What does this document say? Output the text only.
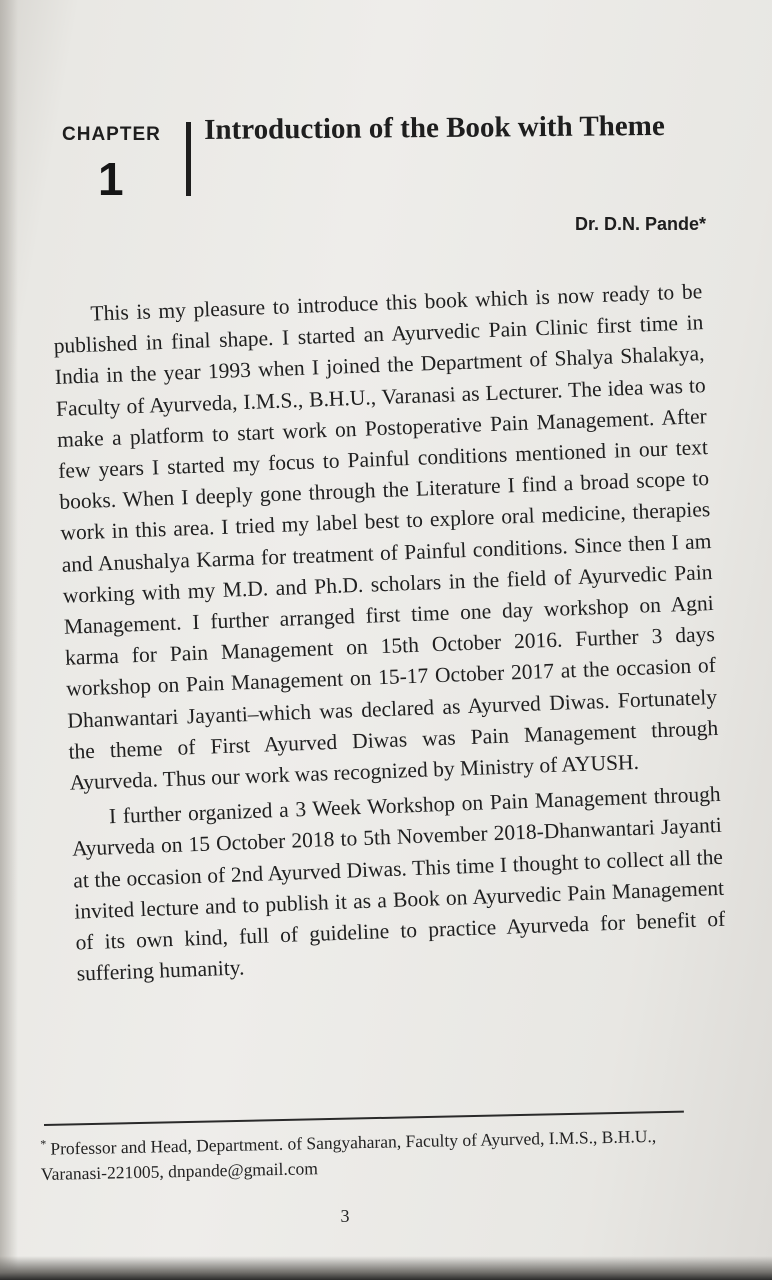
CHAPTER
1
Introduction of the Book with Theme
Dr. D.N. Pande*

This is my pleasure to introduce this book which is now ready to be published in final shape. I started an Ayurvedic Pain Clinic first time in India in the year 1993 when I joined the Department of Shalya Shalakya, Faculty of Ayurveda, I.M.S., B.H.U., Varanasi as Lecturer. The idea was to make a platform to start work on Postoperative Pain Management. After few years I started my focus to Painful conditions mentioned in our text books. When I deeply gone through the Literature I find a broad scope to work in this area. I tried my label best to explore oral medicine, therapies and Anushalya Karma for treatment of Painful conditions. Since then I am working with my M.D. and Ph.D. scholars in the field of Ayurvedic Pain Management. I further arranged first time one day workshop on Agni karma for Pain Management on 15th October 2016. Further 3 days workshop on Pain Management on 15-17 October 2017 at the occasion of Dhanwantari Jayanti–which was declared as Ayurved Diwas. Fortunately the theme of First Ayurved Diwas was Pain Management through Ayurveda. Thus our work was recognized by Ministry of AYUSH.

I further organized a 3 Week Workshop on Pain Management through Ayurveda on 15 October 2018 to 5th November 2018-Dhanwantari Jayanti at the occasion of 2nd Ayurved Diwas. This time I thought to collect all the invited lecture and to publish it as a Book on Ayurvedic Pain Management of its own kind, full of guideline to practice Ayurveda for benefit of suffering humanity.

* Professor and Head, Department. of Sangyaharan, Faculty of Ayurved, I.M.S., B.H.U., Varanasi-221005, dnpande@gmail.com
3
